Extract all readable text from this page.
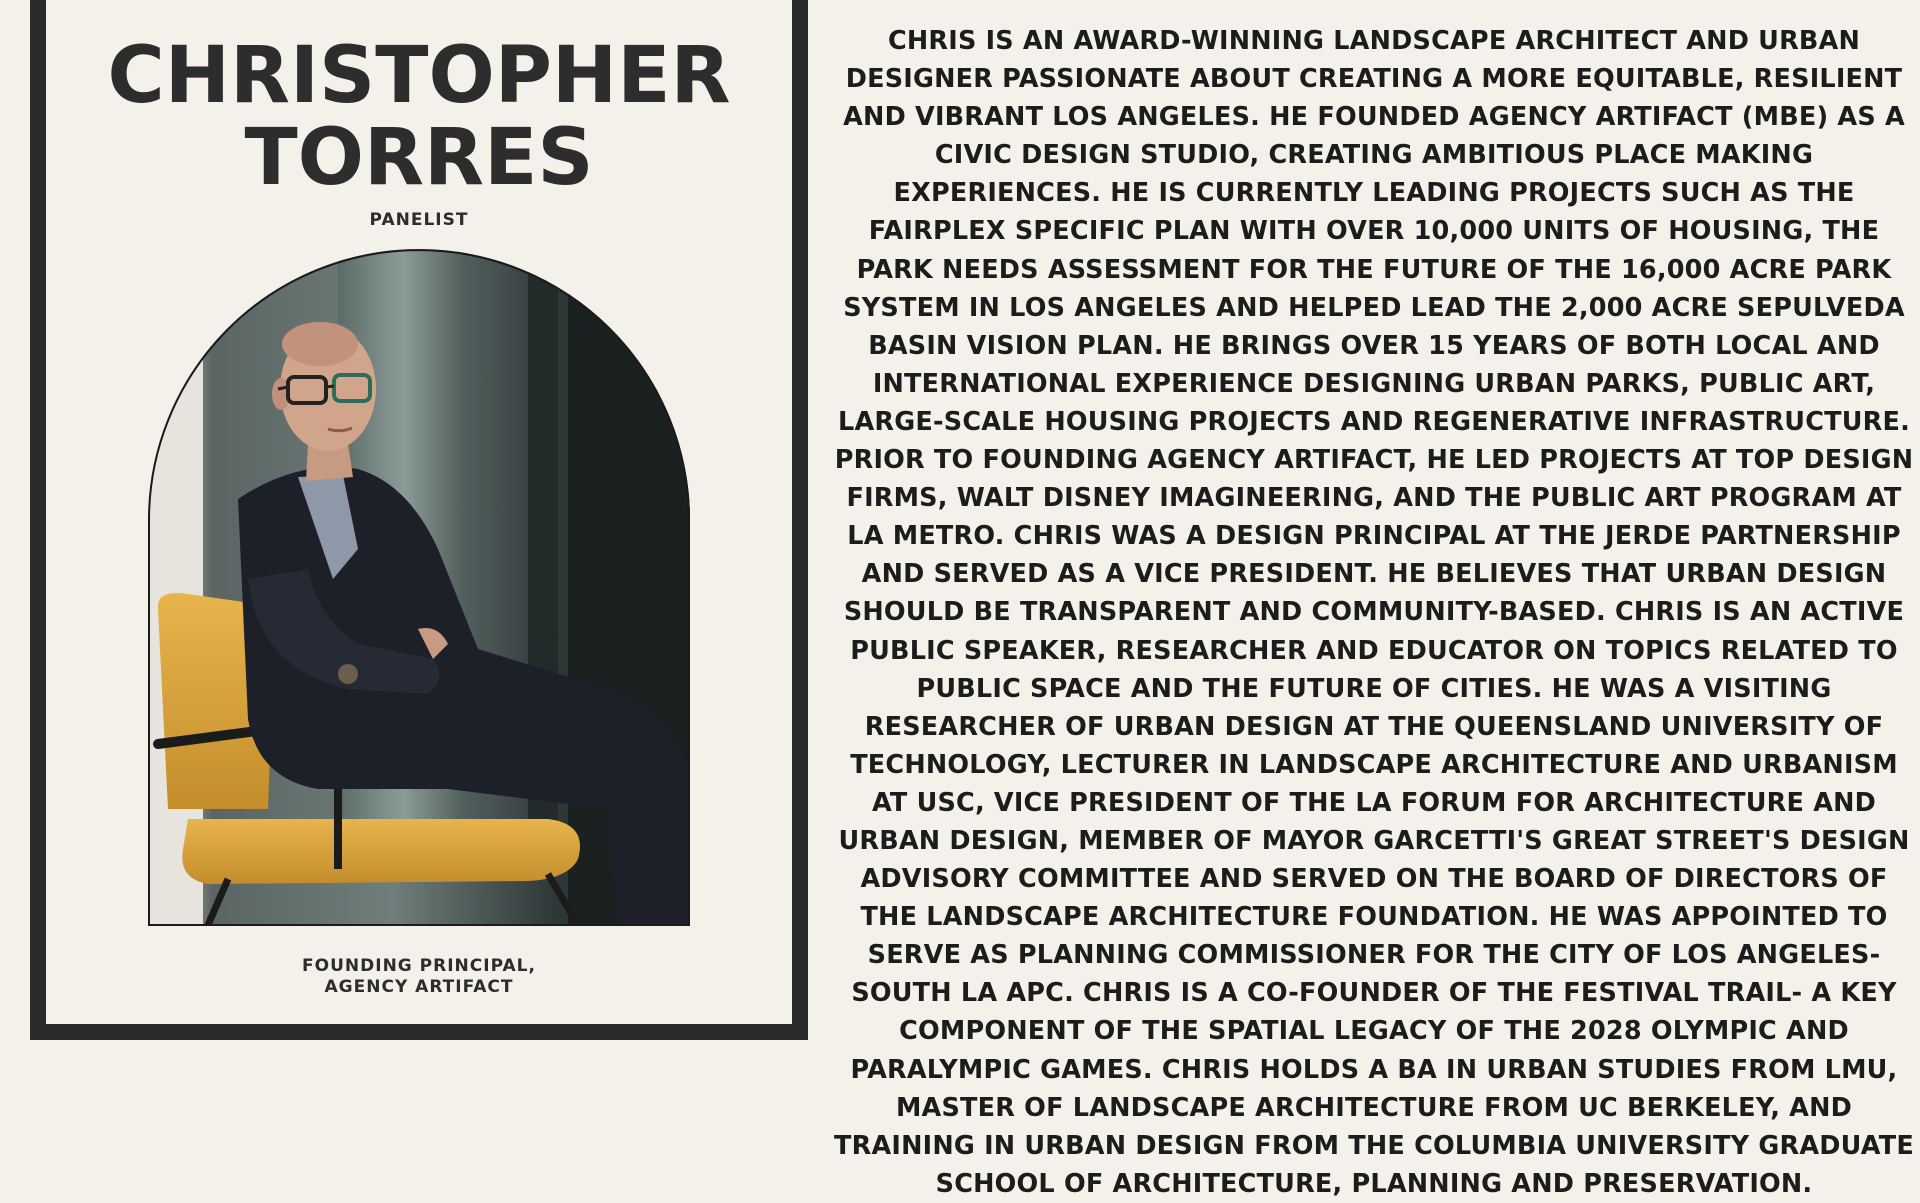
CHRISTOPHER
TORRES

PANELIST

FOUNDING PRINCIPAL,
AGENCY ARTIFACT

CHRIS IS AN AWARD-WINNING LANDSCAPE ARCHITECT AND URBAN DESIGNER PASSIONATE ABOUT CREATING A MORE EQUITABLE, RESILIENT AND VIBRANT LOS ANGELES. HE FOUNDED AGENCY ARTIFACT (MBE) AS A CIVIC DESIGN STUDIO, CREATING AMBITIOUS PLACE MAKING EXPERIENCES. HE IS CURRENTLY LEADING PROJECTS SUCH AS THE FAIRPLEX SPECIFIC PLAN WITH OVER 10,000 UNITS OF HOUSING, THE PARK NEEDS ASSESSMENT FOR THE FUTURE OF THE 16,000 ACRE PARK SYSTEM IN LOS ANGELES AND HELPED LEAD THE 2,000 ACRE SEPULVEDA BASIN VISION PLAN. HE BRINGS OVER 15 YEARS OF BOTH LOCAL AND INTERNATIONAL EXPERIENCE DESIGNING URBAN PARKS, PUBLIC ART, LARGE-SCALE HOUSING PROJECTS AND REGENERATIVE INFRASTRUCTURE. PRIOR TO FOUNDING AGENCY ARTIFACT, HE LED PROJECTS AT TOP DESIGN FIRMS, WALT DISNEY IMAGINEERING, AND THE PUBLIC ART PROGRAM AT LA METRO. CHRIS WAS A DESIGN PRINCIPAL AT THE JERDE PARTNERSHIP AND SERVED AS A VICE PRESIDENT. HE BELIEVES THAT URBAN DESIGN SHOULD BE TRANSPARENT AND COMMUNITY-BASED. CHRIS IS AN ACTIVE PUBLIC SPEAKER, RESEARCHER AND EDUCATOR ON TOPICS RELATED TO PUBLIC SPACE AND THE FUTURE OF CITIES. HE WAS A VISITING RESEARCHER OF URBAN DESIGN AT THE QUEENSLAND UNIVERSITY OF TECHNOLOGY, LECTURER IN LANDSCAPE ARCHITECTURE AND URBANISM AT USC, VICE PRESIDENT OF THE LA FORUM FOR ARCHITECTURE AND URBAN DESIGN, MEMBER OF MAYOR GARCETTI'S GREAT STREET'S DESIGN ADVISORY COMMITTEE AND SERVED ON THE BOARD OF DIRECTORS OF THE LANDSCAPE ARCHITECTURE FOUNDATION. HE WAS APPOINTED TO SERVE AS PLANNING COMMISSIONER FOR THE CITY OF LOS ANGELES- SOUTH LA APC. CHRIS IS A CO-FOUNDER OF THE FESTIVAL TRAIL- A KEY COMPONENT OF THE SPATIAL LEGACY OF THE 2028 OLYMPIC AND PARALYMPIC GAMES. CHRIS HOLDS A BA IN URBAN STUDIES FROM LMU, MASTER OF LANDSCAPE ARCHITECTURE FROM UC BERKELEY, AND TRAINING IN URBAN DESIGN FROM THE COLUMBIA UNIVERSITY GRADUATE SCHOOL OF ARCHITECTURE, PLANNING AND PRESERVATION.
